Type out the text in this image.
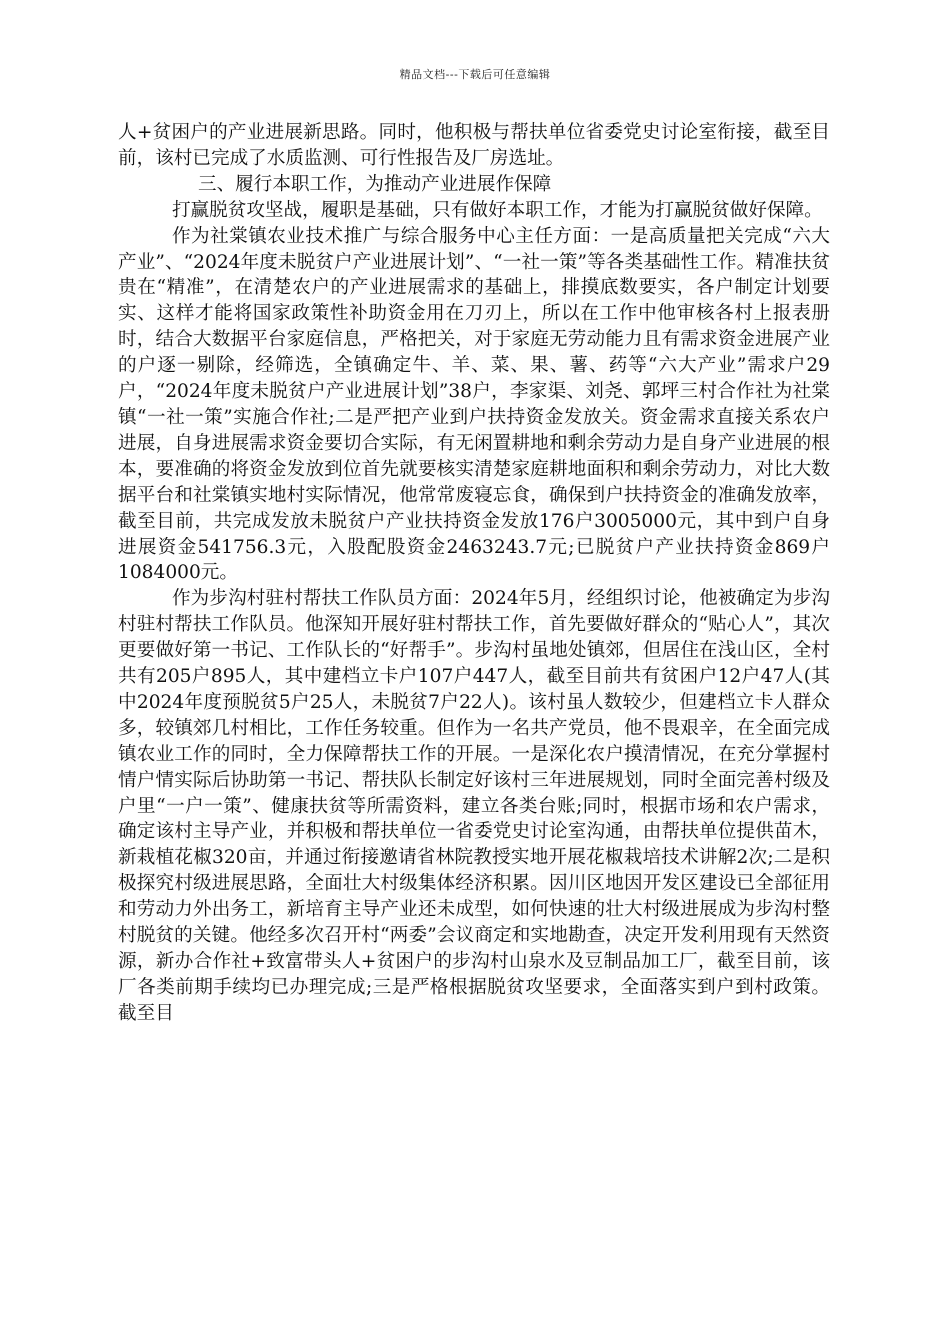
精品文档---下载后可任意编辑

人+贫困户的产业进展新思路。同时，他积极与帮扶单位省委党史讨论室衔接，截至目前，该村已完成了水质监测、可行性报告及厂房选址。

三、履行本职工作，为推动产业进展作保障

打赢脱贫攻坚战，履职是基础，只有做好本职工作，才能为打赢脱贫做好保障。

作为社棠镇农业技术推广与综合服务中心主任方面：一是高质量把关完成“六大产业”、“2024年度未脱贫户产业进展计划”、“一社一策”等各类基础性工作。精准扶贫贵在“精准”，在清楚农户的产业进展需求的基础上，排摸底数要实，各户制定计划要实、这样才能将国家政策性补助资金用在刀刃上，所以在工作中他审核各村上报表册时，结合大数据平台家庭信息，严格把关，对于家庭无劳动能力且有需求资金进展产业的户逐一剔除，经筛选，全镇确定牛、羊、菜、果、薯、药等“六大产业”需求户29户，“2024年度未脱贫户产业进展计划”38户，李家渠、刘尧、郭坪三村合作社为社棠镇“一社一策”实施合作社;二是严把产业到户扶持资金发放关。资金需求直接关系农户进展，自身进展需求资金要切合实际，有无闲置耕地和剩余劳动力是自身产业进展的根本，要准确的将资金发放到位首先就要核实清楚家庭耕地面积和剩余劳动力，对比大数据平台和社棠镇实地村实际情况，他常常废寝忘食，确保到户扶持资金的准确发放率，截至目前，共完成发放未脱贫户产业扶持资金发放176户3005000元，其中到户自身进展资金541756.3元，入股配股资金2463243.7元;已脱贫户产业扶持资金869户1084000元。

作为步沟村驻村帮扶工作队员方面：2024年5月，经组织讨论，他被确定为步沟村驻村帮扶工作队员。他深知开展好驻村帮扶工作，首先要做好群众的“贴心人”，其次更要做好第一书记、工作队长的“好帮手”。步沟村虽地处镇郊，但居住在浅山区，全村共有205户895人，其中建档立卡户107户447人，截至目前共有贫困户12户47人(其中2024年度预脱贫5户25人，未脱贫7户22人)。该村虽人数较少，但建档立卡人群众多，较镇郊几村相比，工作任务较重。但作为一名共产党员，他不畏艰辛，在全面完成镇农业工作的同时，全力保障帮扶工作的开展。一是深化农户摸清情况，在充分掌握村情户情实际后协助第一书记、帮扶队长制定好该村三年进展规划，同时全面完善村级及户里“一户一策”、健康扶贫等所需资料，建立各类台账;同时，根据市场和农户需求，确定该村主导产业，并积极和帮扶单位一省委党史讨论室沟通，由帮扶单位提供苗木，新栽植花椒320亩，并通过衔接邀请省林院教授实地开展花椒栽培技术讲解2次;二是积极探究村级进展思路，全面壮大村级集体经济积累。因川区地因开发区建设已全部征用和劳动力外出务工，新培育主导产业还未成型，如何快速的壮大村级进展成为步沟村整村脱贫的关键。他经多次召开村“两委”会议商定和实地勘查，决定开发利用现有天然资源，新办合作社+致富带头人+贫困户的步沟村山泉水及豆制品加工厂，截至目前，该厂各类前期手续均已办理完成;三是严格根据脱贫攻坚要求，全面落实到户到村政策。截至目
